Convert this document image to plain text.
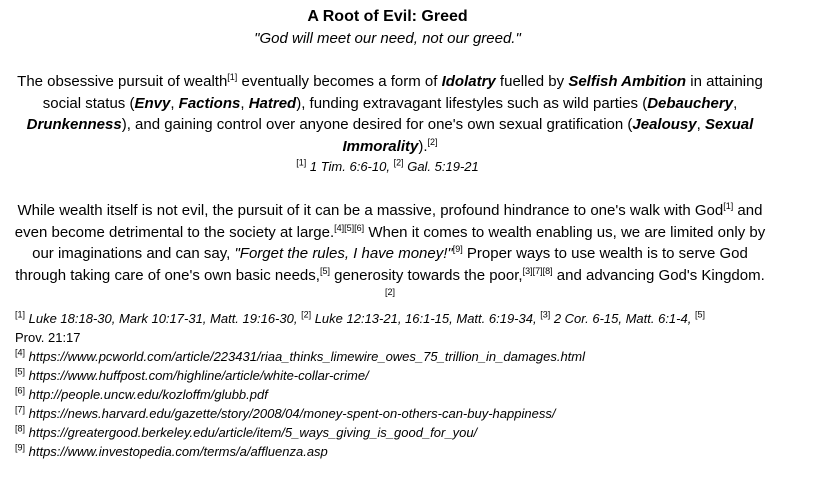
A Root of Evil: Greed
"God will meet our need, not our greed."
The obsessive pursuit of wealth[1] eventually becomes a form of Idolatry fuelled by Selfish Ambition in attaining social status (Envy, Factions, Hatred), funding extravagant lifestyles such as wild parties (Debauchery, Drunkenness), and gaining control over anyone desired for one's own sexual gratification (Jealousy, Sexual Immorality).[2]
[1] 1 Tim. 6:6-10, [2] Gal. 5:19-21
While wealth itself is not evil, the pursuit of it can be a massive, profound hindrance to one's walk with God[1] and even become detrimental to the society at large.[4][5][6] When it comes to wealth enabling us, we are limited only by our imaginations and can say, "Forget the rules, I have money!"[9] Proper ways to use wealth is to serve God through taking care of one's own basic needs,[5] generosity towards the poor,[3][7][8] and advancing God's Kingdom.[2]
[1] Luke 18:18-30, Mark 10:17-31, Matt. 19:16-30, [2] Luke 12:13-21, 16:1-15, Matt. 6:19-34, [3] 2 Cor. 6-15, Matt. 6:1-4, [5] Prov. 21:17
[4] https://www.pcworld.com/article/223431/riaa_thinks_limewire_owes_75_trillion_in_damages.html
[5] https://www.huffpost.com/highline/article/white-collar-crime/
[6] http://people.uncw.edu/kozloffm/glubb.pdf
[7] https://news.harvard.edu/gazette/story/2008/04/money-spent-on-others-can-buy-happiness/
[8] https://greatergood.berkeley.edu/article/item/5_ways_giving_is_good_for_you/
[9] https://www.investopedia.com/terms/a/affluenza.asp
